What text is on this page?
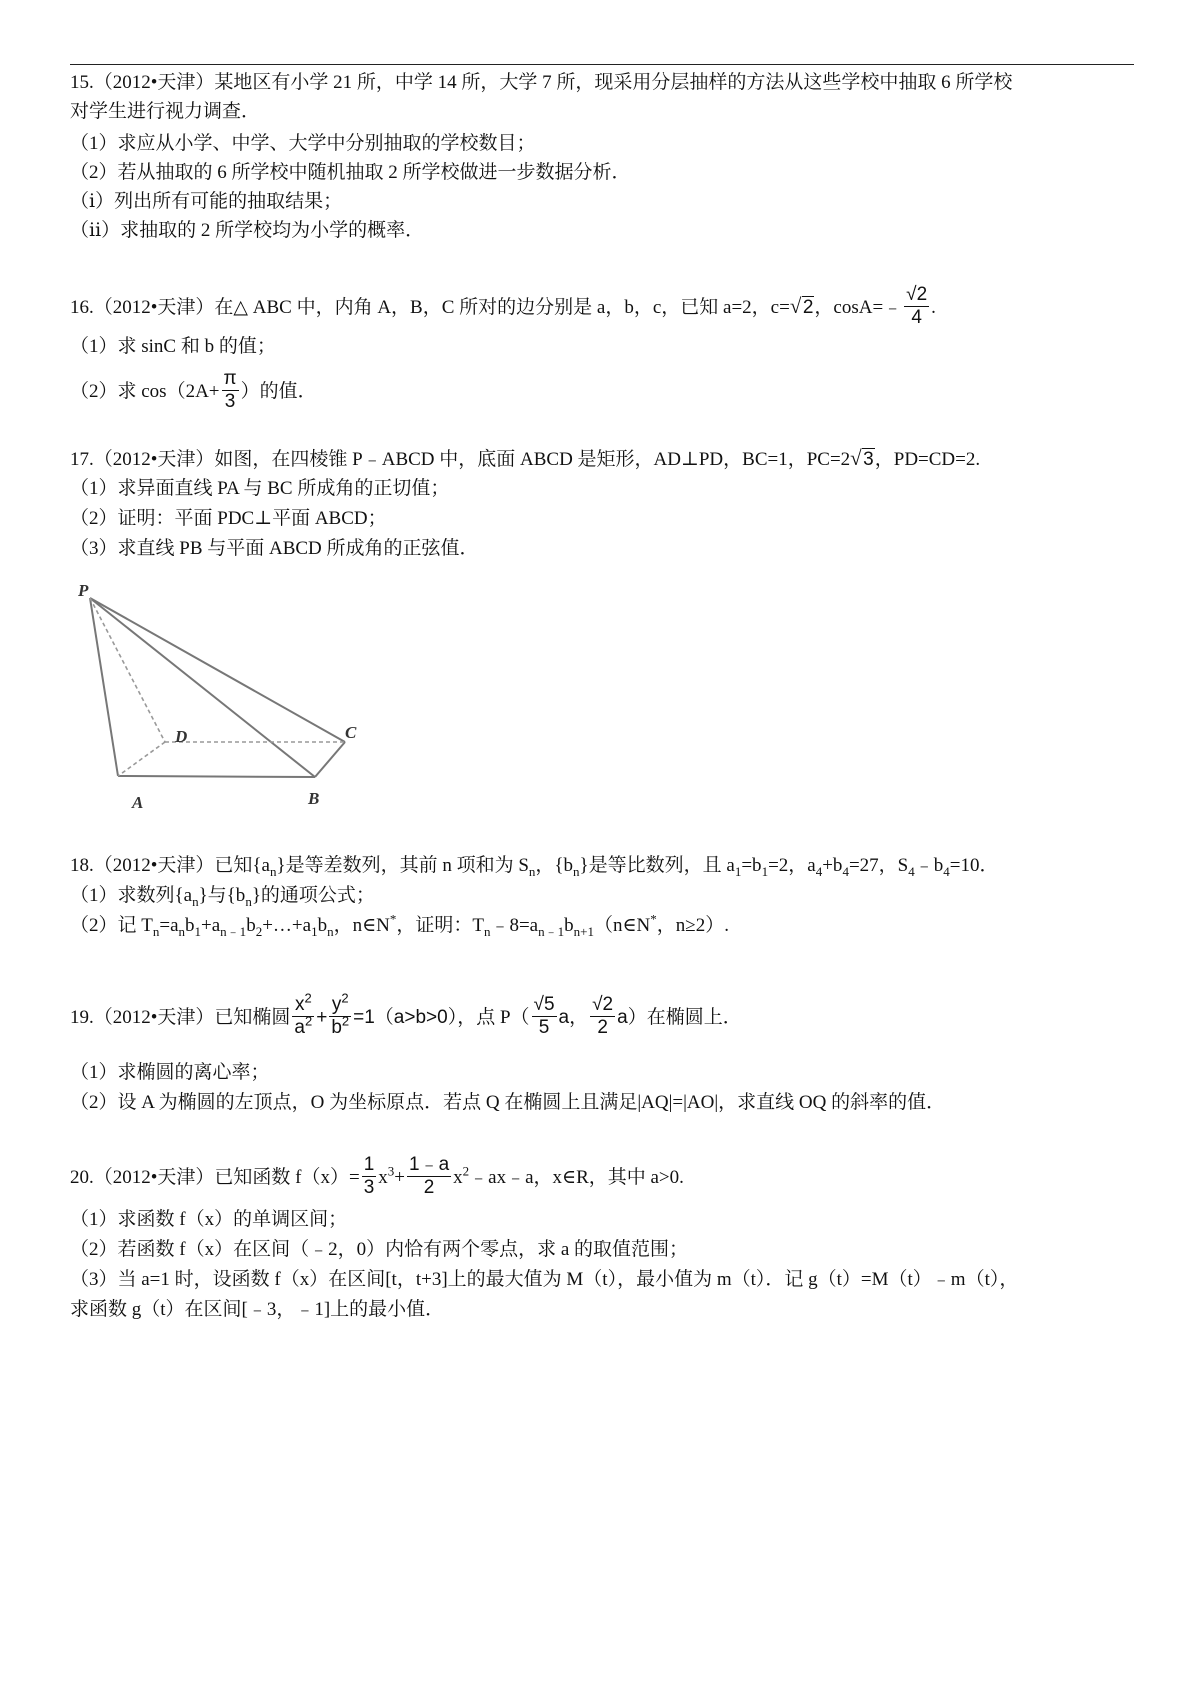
15.（2012•天津）某地区有小学 21 所，中学 14 所，大学 7 所，现采用分层抽样的方法从这些学校中抽取 6 所学校
对学生进行视力调查．
（1）求应从小学、中学、大学中分别抽取的学校数目；
（2）若从抽取的 6 所学校中随机抽取 2 所学校做进一步数据分析．
（ⅰ）列出所有可能的抽取结果；
（ⅱ）求抽取的 2 所学校均为小学的概率．
16.（2012•天津）在△ ABC 中，内角 A，B，C 所对的边分别是 a，b，c，已知 a=2，c= √ 2，cosA=﹣ $\frac{√2}{4}$ .
（1）求 sinC 和 b 的值；
（2）求 $\cos(2A+ \frac{\pi}{3}$ ）的值．
17.（2012•天津）如图，在四棱锥 P﹣ABCD 中，底面 ABCD 是矩形，AD⊥PD，BC=1，PC=2 √ 3，PD=CD=2.
（1）求异面直线 PA 与 BC 所成角的正切值；
（2）证明：平面 PDC⊥平面 ABCD；
（3）求直线 PB 与平面 ABCD 所成角的正弦值．
P
D	C
A	B
18.（2012•天津）已知$\{a_n\}$是等差数列，其前 n 项和为 $S_n$，$\{b_n\}$是等比数列，且 $a_1=b_1=2$，$a_4+b_4=27$，$S_4﹣b_4=10$．
（1）求数列$\{a_n\}$与$\{b_n\}$的通项公式；
（2）记 $T_n=a_nb_1+a_{n﹣1}b_2+\dots+a_1b_n$，n∈N*，证明：$T_n﹣8=a_{n﹣1}b_{n+1}(n\in N^*$，n≥2）.
19.（2012•天津）已知椭圆 $\frac{x^2}{a^2} + \frac{y^2}{b^2} =1(a>b>0)$，点 $P( \frac{√5}{5}$ a， $\frac{√2}{2} a$）在椭圆上．
（1）求椭圆的离心率；
（2）设 A 为椭圆的左顶点，O 为坐标原点．若点 Q 在椭圆上且满足|AQ|=|AO|，求直线 OQ 的斜率的值．
20.（2012•天津）已知函数 $f(x)= \frac{1}{3} x^3+ \frac{1﹣a}{2}$ $x^2﹣ax﹣a$，x∈R，其中 a>0.
（1）求函数 f（x）的单调区间；
（2）若函数 f（x）在区间（﹣2，0）内恰有两个零点，求 a 的取值范围；
（3）当 a=1 时，设函数 f（x）在区间[t，t+3]上的最大值为 M（t），最小值为 m（t）．记 g（t）=M（t）﹣m（t），
求函数 g（t）在区间[﹣3，﹣1]上的最小值．
